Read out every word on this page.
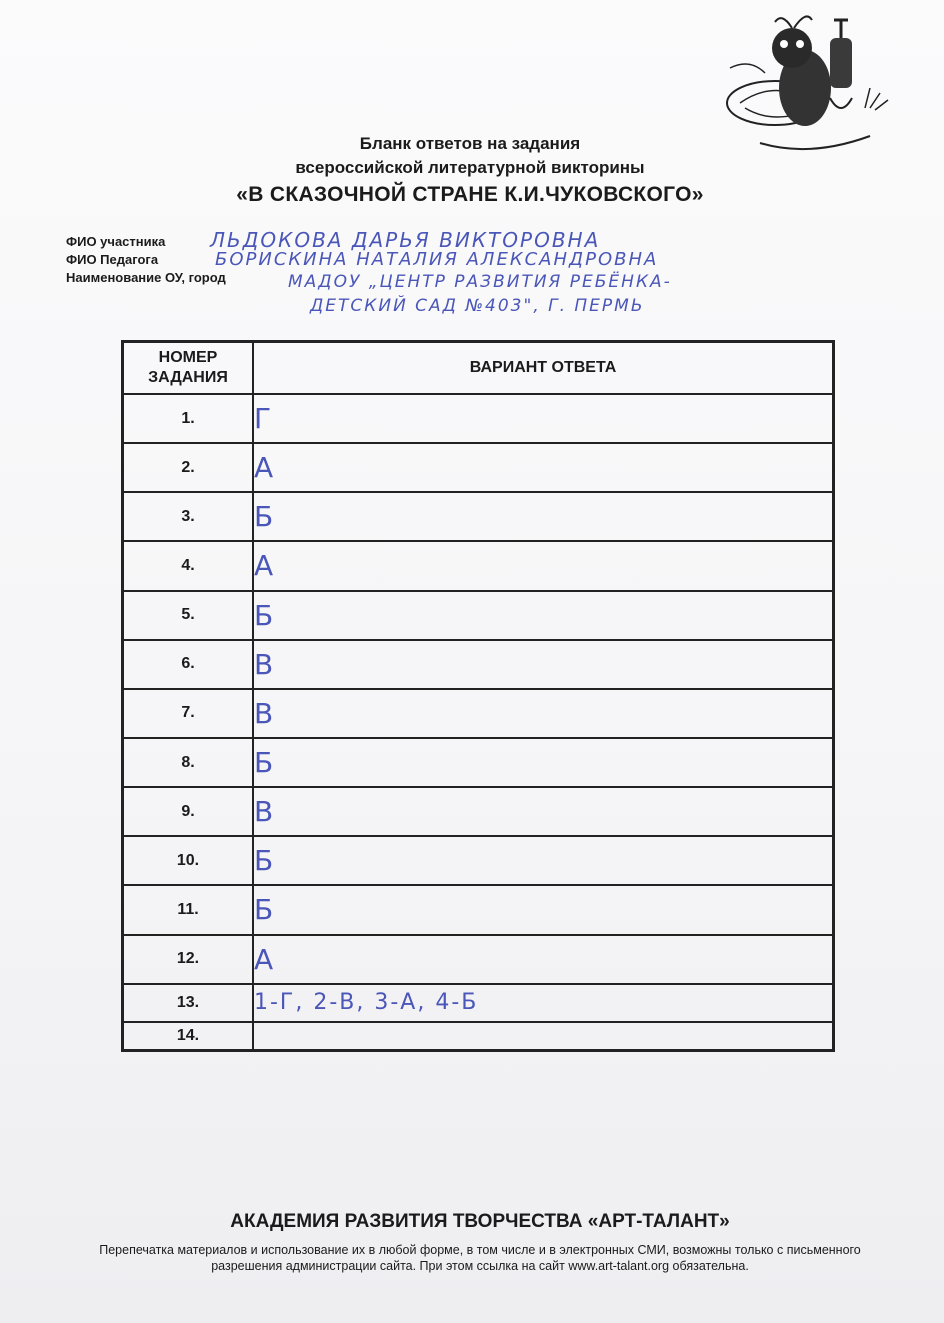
Бланк ответов на задания
всероссийской литературной викторины
«В СКАЗОЧНОЙ СТРАНЕ К.И.ЧУКОВСКОГО»
ФИО участника ЛЬДОКОВА ДАРЬЯ ВИКТОРОВНА
ФИО Педагога	БОРИСКИНА НАТАЛИЯ АЛЕКСАНДРОВНА
Наименование ОУ, город	МАДОУ „ЦЕНТР РАЗВИТИЯ РЕБЁНКА-
ДЕТСКИЙ САД №403", Г. ПЕРМЬ
НОМЕР ЗАДАНИЯ	ВАРИАНТ ОТВЕТА
1.	Г
2.	А
3.	Б
4.	А
5.	Б
6.	В
7.	В
8.	Б
9.	В
10.	Б
11.	Б
12.	А
13.	1-Г, 2-В, 3-А, 4-Б
14.	
АКАДЕМИЯ РАЗВИТИЯ ТВОРЧЕСТВА «АРТ-ТАЛАНТ»
Перепечатка материалов и использование их в любой форме, в том числе и в электронных СМИ, возможны только с письменного разрешения администрации сайта. При этом ссылка на сайт www.art-talant.org обязательна.
